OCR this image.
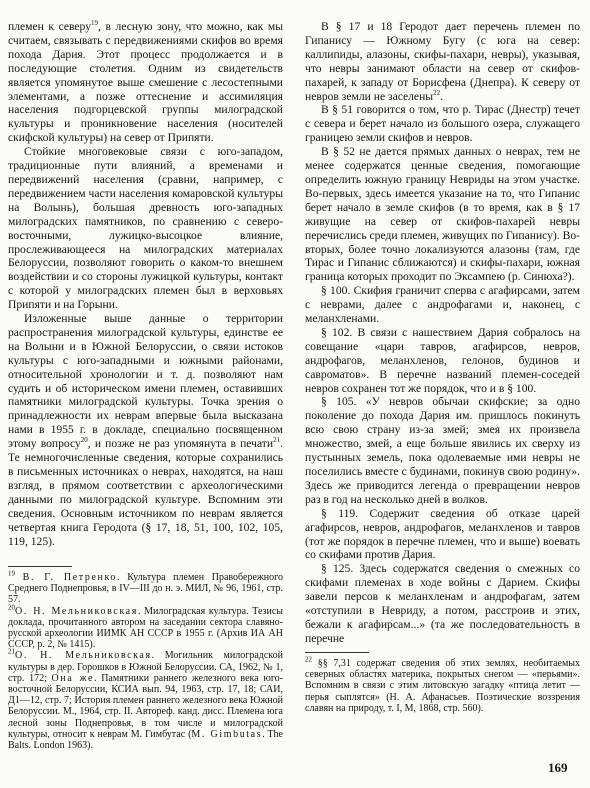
племен к северу$^{19}$, в лесную зону, что можно, как мы считаем, связывать с передвижениями скифов во время похода Дария. Этот процесс продолжается и в последующие столетия. Одним из свидетельств является упомянутое выше смешение с лесостепными элементами, а позже оттеснение и ассимиляция населения подгорцевской группы милоградской культуры и проникновение населения (носителей скифской культуры) на север от Припяти.

Стойкие многовековые связи с юго-западом, традиционные пути влияний, а временами и передвижений населения (сравни, например, с передвижением части населения комаровской культуры на Волынь), большая древность юго-западных милоградских памятников, по сравнению с северо-восточными, лужицко-высоцкое влияние, прослеживающееся на милоградских материалах Белоруссии, позволяют говорить о каком-то внешнем воздействии и со стороны лужицкой культуры, контакт с которой у милоградских племен был в верховьях Припяти и на Горыни.

Изложенные выше данные о территории распространения милоградской культуры, единстве ее на Волыни и в Южной Белоруссии, о связи истоков культуры с юго-западными и южными районами, относительной хронологии и т. д. позволяют нам судить и об историческом имени племен, оставивших памятники милоградской культуры. Точка зрения о принадлежности их неврам впервые была высказана нами в 1955 г. в докладе, специально посвященном этому вопросу$^{20}$, и позже не раз упомянута в печати$^{21}$. Те немногочисленные сведения, которые сохранились в письменных источниках о неврах, находятся, на наш взгляд, в прямом соответствии с археологическими данными по милоградской культуре. Вспомним эти сведения. Основным источником по неврам является четвертая книга Геродота (§ 17, 18, 51, 100, 102, 105, 119, 125).

В § 17 и 18 Геродот дает перечень племен по Гипанису — Южному Бугу (с юга на север: каллипиды, алазоны, скифы-пахари, невры), указывая, что невры занимают области на север от скифов-пахарей, к западу от Борисфена (Днепра). К северу от невров земли не заселены$^{22}$.

В § 51 говорится о том, что р. Тирас (Днестр) течет с севера и берет начало из большого озера, служащего границею земли скифов и невров.

В § 52 не дается прямых данных о неврах, тем не менее содержатся ценные сведения, помогающие определить южную границу Невриды на этом участке. Во-первых, здесь имеется указание на то, что Гипанис берет начало в земле скифов (в то время, как в § 17 живущие на север от скифов-пахарей невры перечислись среди племен, живущих по Гипанису). Во-вторых, более точно локализуются алазоны (там, где Тирас и Гипанис сближаются) и скифы-пахари, южная граница которых проходит по Эксампею (р. Синюха?).

§ 100. Скифия граничит сперва с агафирсами, затем с неврами, далее с андрофагами и, наконец, с меланхленами.

§ 102. В связи с нашествием Дария собралось на совещание «цари тавров, агафирсов, невров, андрофагов, меланхленов, гелонов, будинов и савроматов». В перечне названий племен-соседей невров сохранен тот же порядок, что и в § 100.

§ 105. «У невров обычаи скифские; за одно поколение до похода Дария им. пришлось покинуть всю свою страну из-за змей; змея их произвела множество, змей, а еще больше явились их сверху из пустынных земель, пока одолеваемые ими невры не поселились вместе с будинами, покинув свою родину». Здесь же приводится легенда о превращении невров раз в год на несколько дней в волков.

§ 119. Содержит сведения об отказе царей агафирсов, невров, андрофагов, меланхленов и тавров (тот же порядок в перечне племен, что и выше) воевать со скифами против Дария.

§ 125. Здесь содержатся сведения о смежных со скифами племенах в ходе войны с Дарием. Скифы завели персов к меланхленам и андрофагам, затем «отступили в Невриду, а потом, расстроив и этих, бежали к агафирсам...» (та же последовательность в перечне

$^{19}$ В. Г. Петренко. Культура племен Правобережного Среднего Поднепровья, в IV—III до н. э. МИЛ, № 96, 1961, стр. 57.

$^{20}$О. Н. Мельниковская. Милоградская культура. Тезисы доклада, прочитанного автором на заседании сектора славяно-русской археологии ИИМК АН СССР в 1955 г. (Архив ИА АН СССР, р. 2, № 1415).

$^{21}$О. Н. Мельниковская. Могильник милоградской культуры в дер. Горошков в Южной Белоруссии. СА, 1962, № 1, стр. 172; Она же. Памятники раннего железного века юго-восточной Белоруссии, КСИА вып. 94, 1963, стр. 17, 18; САИ, Д1—12, стр. 7; История племен раннего железного века Южной Белоруссии. М., 1964, стр. II. Автореф. канд. дисс. Племена юга лесной зоны Поднепровья, в том числе и милоградской культуры, относит к неврам М. Гимбутас (M. Gimbutas. The Balts. London 1963).

$^{22}$ §§ 7,31 содержат сведения об этих землях, необитаемых северных областях материка, покрытых снегом — «перьями». Вспомним в связи с этим литовскую загадку «птица летит — перья сыплятся» (Н. А. Афанасьев. Поэтические воззрения славян на природу, т. I, М, 1868, стр. 560).

169
